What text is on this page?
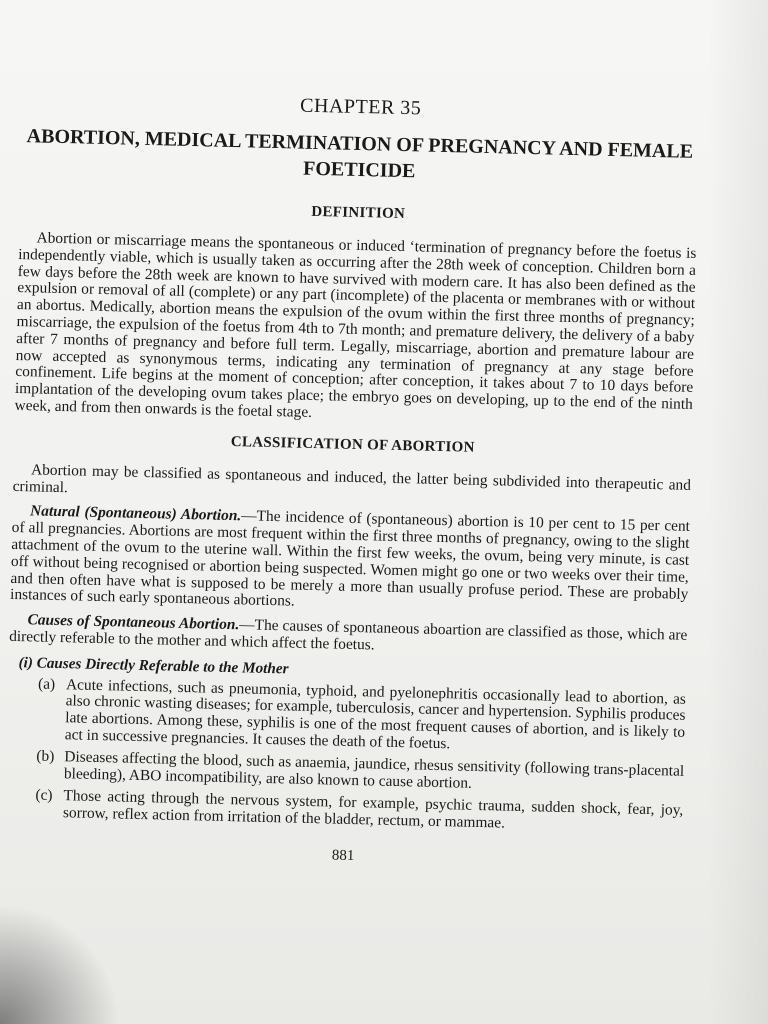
CHAPTER 35
ABORTION, MEDICAL TERMINATION OF PREGNANCY AND FEMALE FOETICIDE
DEFINITION

Abortion or miscarriage means the spontaneous or induced ‘termination of pregnancy before the foetus is independently viable, which is usually taken as occurring after the 28th week of conception. Children born a few days before the 28th week are known to have survived with modern care. It has also been defined as the expulsion or removal of all (complete) or any part (incomplete) of the placenta or membranes with or without an abortus. Medically, abortion means the expulsion of the ovum within the first three months of pregnancy; miscarriage, the expulsion of the foetus from 4th to 7th month; and premature delivery, the delivery of a baby after 7 months of pregnancy and before full term. Legally, miscarriage, abortion and premature labour are now accepted as synonymous terms, indicating any termination of pregnancy at any stage before confinement. Life begins at the moment of conception; after conception, it takes about 7 to 10 days before implantation of the developing ovum takes place; the embryo goes on developing, up to the end of the ninth week, and from then onwards is the foetal stage.

CLASSIFICATION OF ABORTION

Abortion may be classified as spontaneous and induced, the latter being subdivided into therapeutic and criminal.

Natural (Spontaneous) Abortion.—The incidence of (spontaneous) abortion is 10 per cent to 15 per cent of all pregnancies. Abortions are most frequent within the first three months of pregnancy, owing to the slight attachment of the ovum to the uterine wall. Within the first few weeks, the ovum, being very minute, is cast off without being recognised or abortion being suspected. Women might go one or two weeks over their time, and then often have what is supposed to be merely a more than usually profuse period. These are probably instances of such early spontaneous abortions.

Causes of Spontaneous Abortion.—The causes of spontaneous aboartion are classified as those, which are directly referable to the mother and which affect the foetus.

(i) Causes Directly Referable to the Mother
(a) Acute infections, such as pneumonia, typhoid, and pyelonephritis occasionally lead to abortion, as also chronic wasting diseases; for example, tuberculosis, cancer and hypertension. Syphilis produces late abortions. Among these, syphilis is one of the most frequent causes of abortion, and is likely to act in successive pregnancies. It causes the death of the foetus.
(b) Diseases affecting the blood, such as anaemia, jaundice, rhesus sensitivity (following trans-placental bleeding), ABO incompatibility, are also known to cause abortion.
(c) Those acting through the nervous system, for example, psychic trauma, sudden shock, fear, joy, sorrow, reflex action from irritation of the bladder, rectum, or mammae.
881
